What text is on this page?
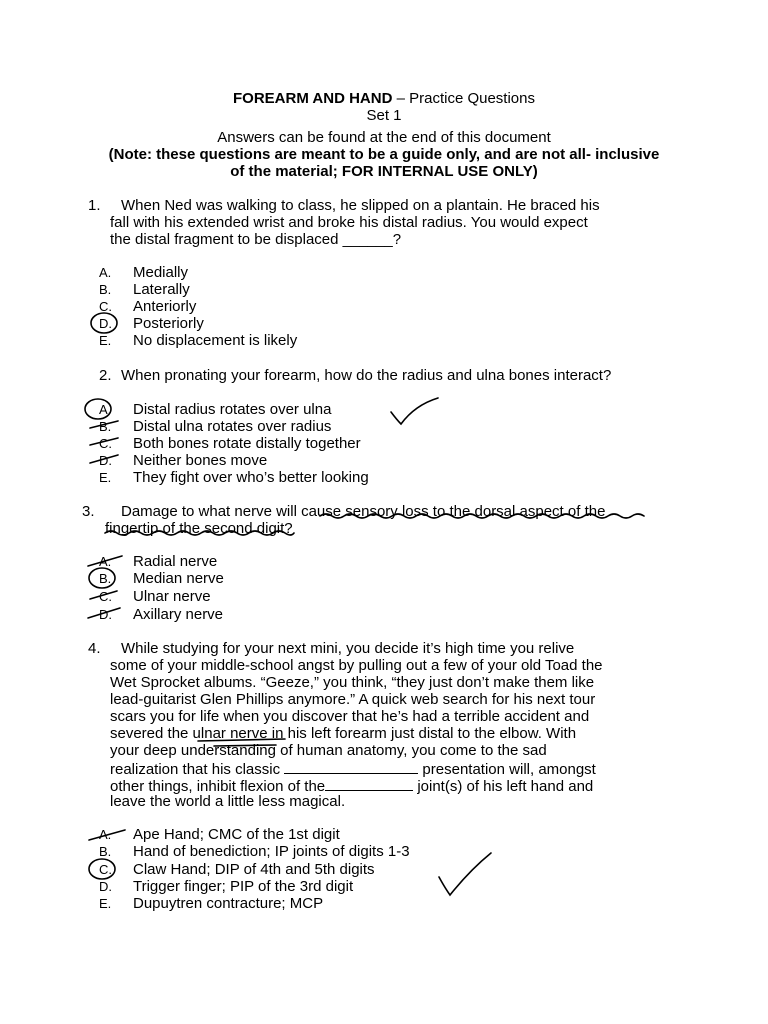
FOREARM AND HAND – Practice Questions
Set 1
Answers can be found at the end of this document
(Note: these questions are meant to be a guide only, and are not all- inclusive
of the material; FOR INTERNAL USE ONLY)
1. When Ned was walking to class, he slipped on a plantain. He braced his
fall with his extended wrist and broke his distal radius. You would expect
the distal fragment to be displaced ______?
A.	Medially
B.	Laterally
C.	Anteriorly
D.	Posteriorly
E.	No displacement is likely
2. When pronating your forearm, how do the radius and ulna bones interact?
A.	Distal radius rotates over ulna
B.	Distal ulna rotates over radius
C.	Both bones rotate distally together
D.	Neither bones move
E.	They fight over who’s better looking
3. Damage to what nerve will cause sensory loss to the dorsal aspect of the
fingertip of the second digit?
A.	Radial nerve
B.	Median nerve
C.	Ulnar nerve
D.	Axillary nerve
4. While studying for your next mini, you decide it’s high time you relive
some of your middle-school angst by pulling out a few of your old Toad the
Wet Sprocket albums. “Geeze,” you think, “they just don’t make them like
lead-guitarist Glen Phillips anymore.” A quick web search for his next tour
scars you for life when you discover that he’s had a terrible accident and
severed the ulnar nerve in his left forearm just distal to the elbow. With
your deep understanding of human anatomy, you come to the sad
realization that his classic	presentation will, amongst
other things, inhibit flexion of the	joint(s) of his left hand and
leave the world a little less magical.
A.	Ape Hand; CMC of the 1st digit
B.	Hand of benediction; IP joints of digits 1-3
C.	Claw Hand; DIP of 4th and 5th digits
D.	Trigger finger; PIP of the 3rd digit
E.	Dupuytren contracture; MCP
